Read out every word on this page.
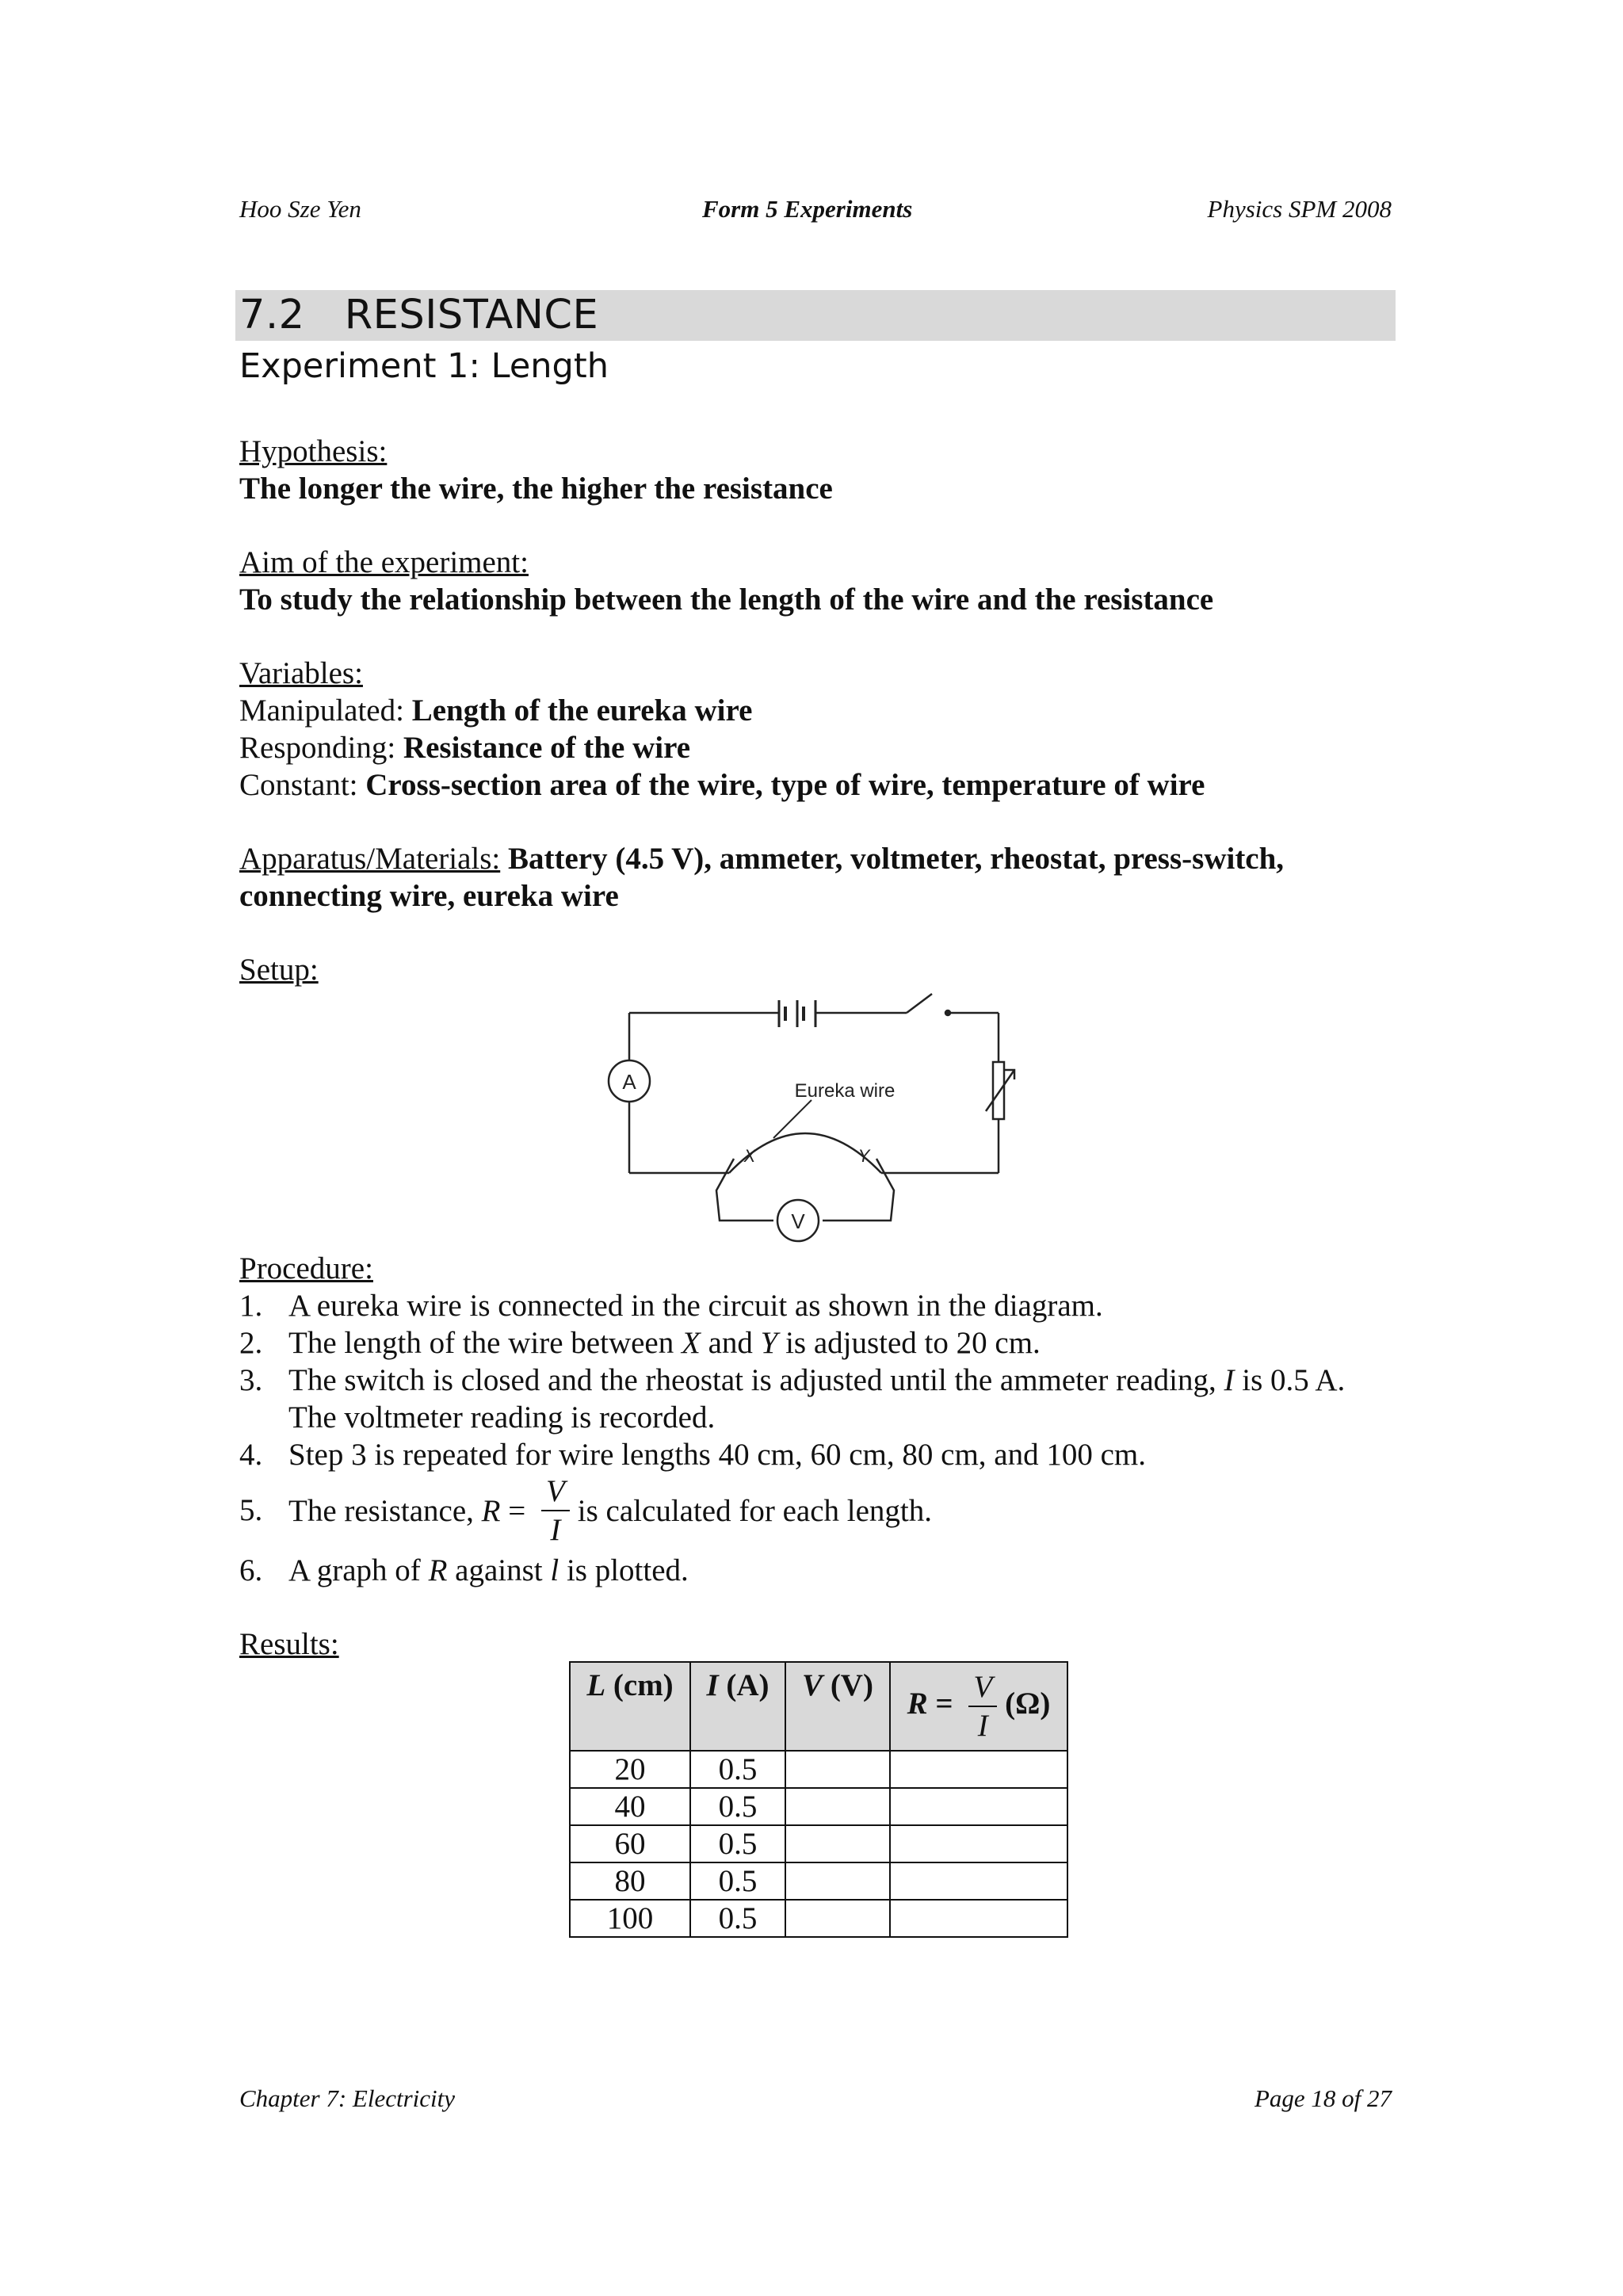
Hoo Sze Yen	Form 5 Experiments	Physics SPM 2008
7.2   RESISTANCE
Experiment 1: Length
Hypothesis:
The longer the wire, the higher the resistance
Aim of the experiment:
To study the relationship between the length of the wire and the resistance
Variables:
Manipulated: Length of the eureka wire
Responding: Resistance of the wire
Constant: Cross-section area of the wire, type of wire, temperature of wire
Apparatus/Materials: Battery (4.5 V), ammeter, voltmeter, rheostat, press-switch,
connecting wire, eureka wire
Setup:
A
V
Eureka wire
X	Y
Procedure:
1. A eureka wire is connected in the circuit as shown in the diagram.
2. The length of the wire between X and Y is adjusted to 20 cm.
3. The switch is closed and the rheostat is adjusted until the ammeter reading, I is 0.5 A.
The voltmeter reading is recorded.
4. Step 3 is repeated for wire lengths 40 cm, 60 cm, 80 cm, and 100 cm.
5. The resistance, $R = \frac{V}{I}$ is calculated for each length.
6. A graph of R against l is plotted.
Results:
L (cm)	I (A)	V (V)	$R = \frac{V}{I} (\Omega)$
20	0.5		
40	0.5		
60	0.5		
80	0.5		
100	0.5		
Chapter 7: Electricity	Page 18 of 27
